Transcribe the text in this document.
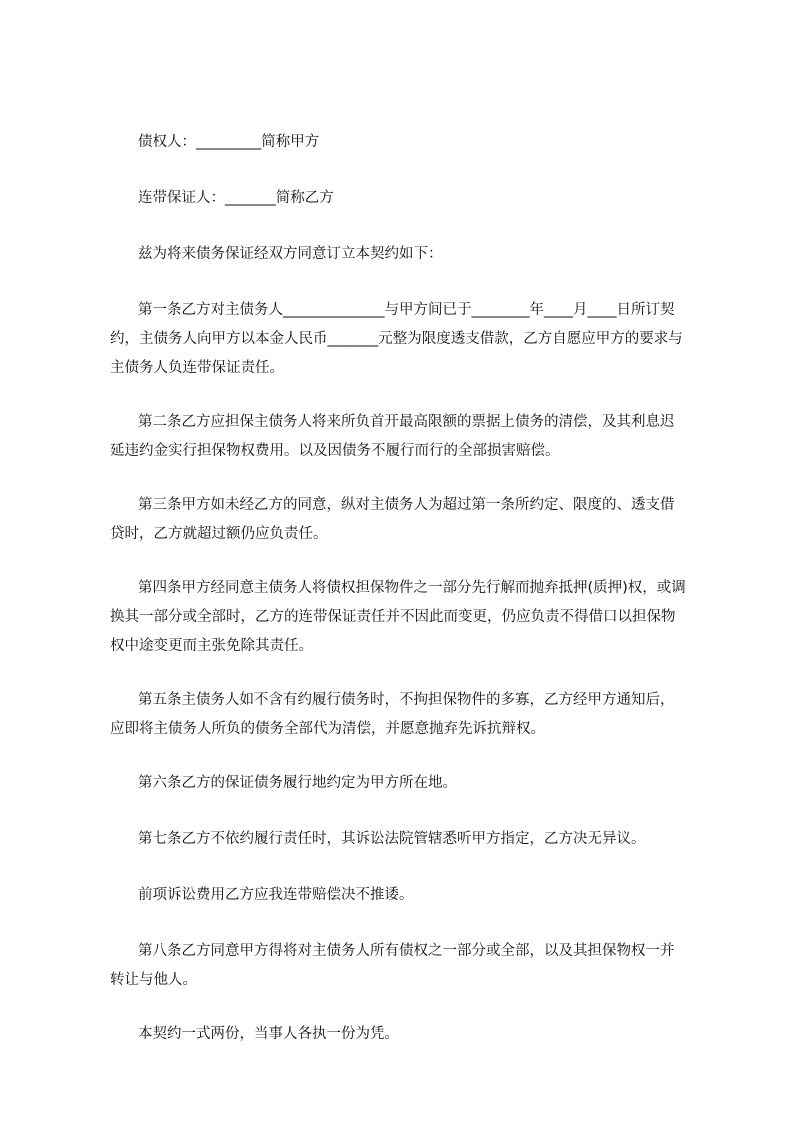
债权人：_________简称甲方

连带保证人：_______简称乙方

兹为将来债务保证经双方同意订立本契约如下：

第一条乙方对主债务人______________与甲方间已于________年____月____日所订契约，主债务人向甲方以本金人民币_______元整为限度透支借款，乙方自愿应甲方的要求与主债务人负连带保证责任。

第二条乙方应担保主债务人将来所负首开最高限额的票据上债务的清偿，及其利息迟延违约金实行担保物权费用。以及因债务不履行而行的全部损害赔偿。

第三条甲方如未经乙方的同意，纵对主债务人为超过第一条所约定、限度的、透支借贷时，乙方就超过额仍应负责任。

第四条甲方经同意主债务人将债权担保物件之一部分先行解而抛弃抵押(质押)权，或调换其一部分或全部时，乙方的连带保证责任并不因此而变更，仍应负责不得借口以担保物权中途变更而主张免除其责任。

第五条主债务人如不含有约履行债务时，不拘担保物件的多寡，乙方经甲方通知后，应即将主债务人所负的债务全部代为清偿，并愿意抛弃先诉抗辩权。

第六条乙方的保证债务履行地约定为甲方所在地。

第七条乙方不依约履行责任时，其诉讼法院管辖悉听甲方指定，乙方决无异议。

前项诉讼费用乙方应我连带赔偿决不推诿。

第八条乙方同意甲方得将对主债务人所有债权之一部分或全部，以及其担保物权一并转让与他人。

本契约一式两份，当事人各执一份为凭。
